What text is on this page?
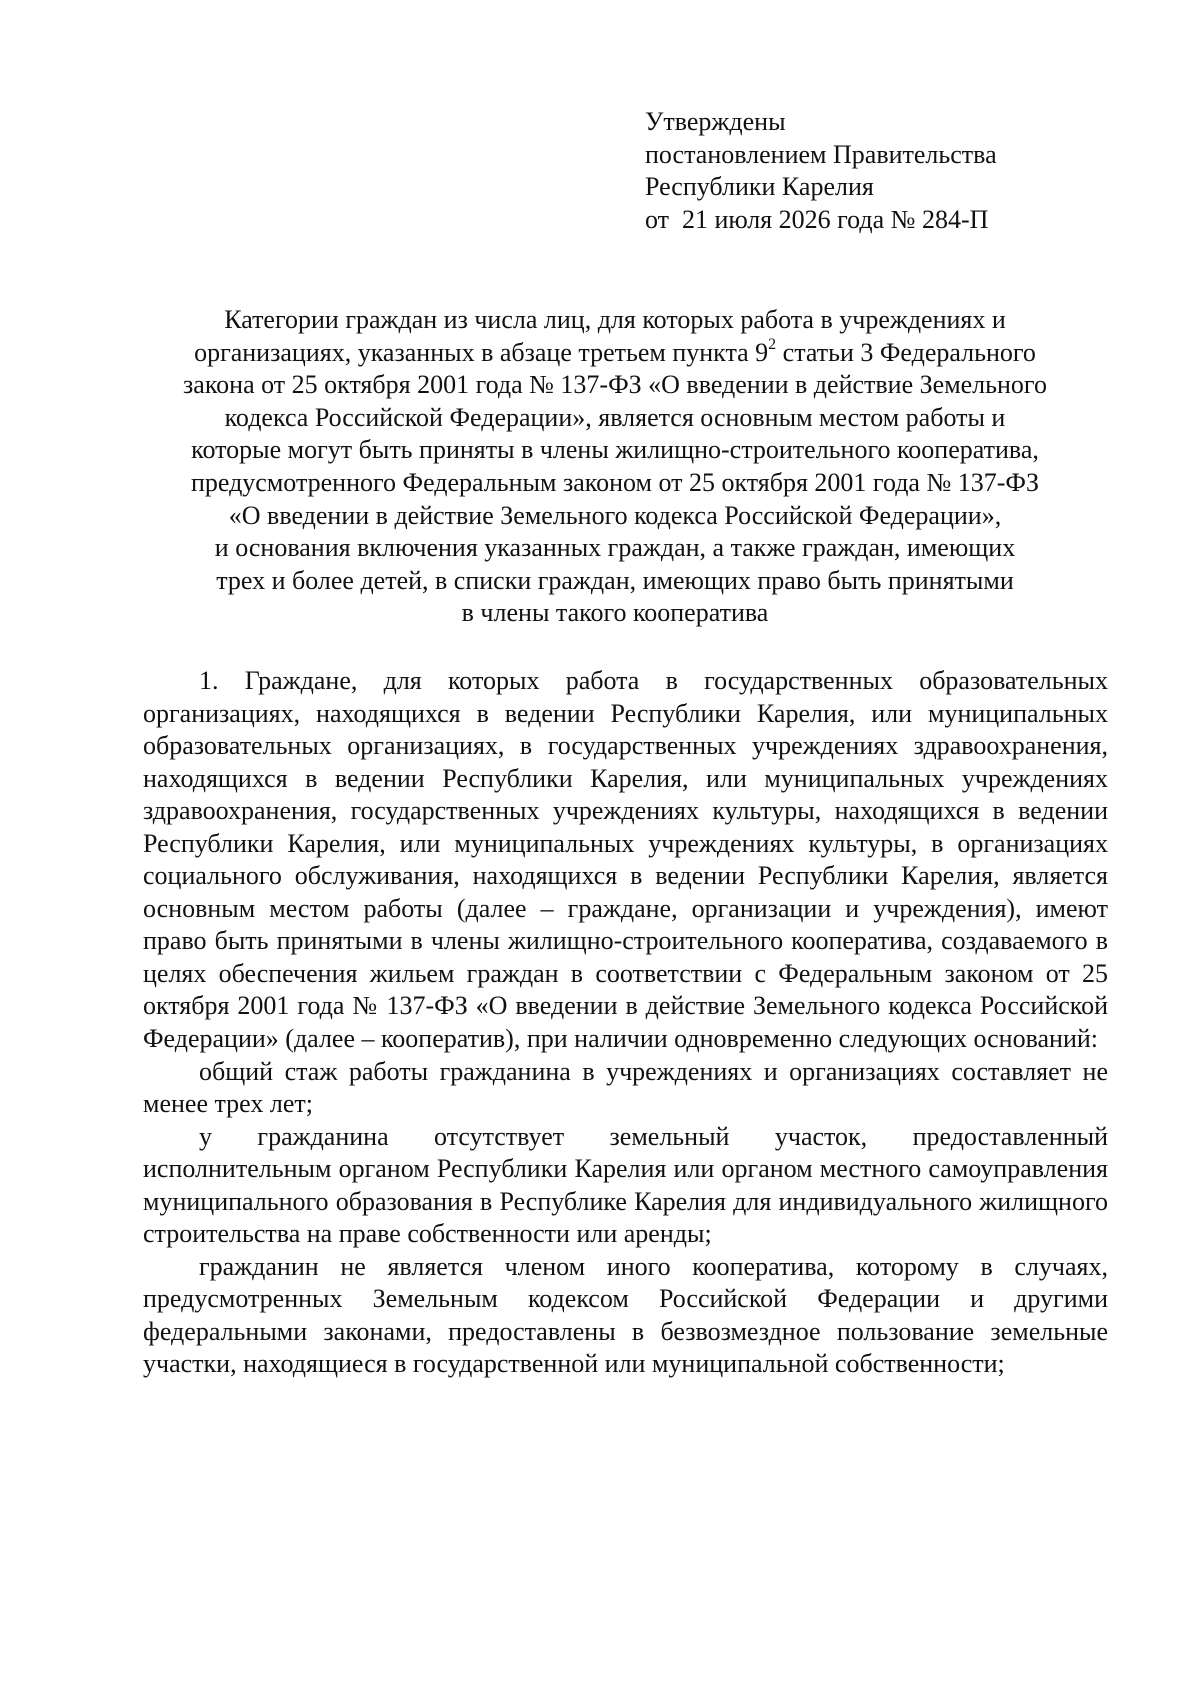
Утверждены
постановлением Правительства
Республики Карелия
от  21 июля 2026 года № 284-П
Категории граждан из числа лиц, для которых работа в учреждениях и
организациях, указанных в абзаце третьем пункта $9^2$ статьи 3 Федерального
закона от 25 октября 2001 года № 137-ФЗ «О введении в действие Земельного
кодекса Российской Федерации», является основным местом работы и
которые могут быть приняты в члены жилищно-строительного кооператива,
предусмотренного Федеральным законом от 25 октября 2001 года № 137-ФЗ
«О введении в действие Земельного кодекса Российской Федерации»,
и основания включения указанных граждан, а также граждан, имеющих
трех и более детей, в списки граждан, имеющих право быть принятыми
в члены такого кооператива

1. Граждане, для которых работа в государственных образовательных организациях, находящихся в ведении Республики Карелия, или муниципальных образовательных организациях, в государственных учреждениях здравоохранения, находящихся в ведении Республики Карелия, или муниципальных учреждениях здравоохранения, государственных учреждениях культуры, находящихся в ведении Республики Карелия, или муниципальных учреждениях культуры, в организациях социального обслуживания, находящихся в ведении Республики Карелия, является основным местом работы (далее – граждане, организации и учреждения), имеют право быть принятыми в члены жилищно-строительного кооператива, создаваемого в целях обеспечения жильем граждан в соответствии с Федеральным законом от 25 октября 2001 года № 137-ФЗ «О введении в действие Земельного кодекса Российской Федерации» (далее – кооператив), при наличии одновременно следующих оснований:

общий стаж работы гражданина в учреждениях и организациях составляет не менее трех лет;

у гражданина отсутствует земельный участок, предоставленный исполнительным органом Республики Карелия или органом местного самоуправления муниципального образования в Республике Карелия для индивидуального жилищного строительства на праве собственности или аренды;

гражданин не является членом иного кооператива, которому в случаях, предусмотренных Земельным кодексом Российской Федерации и другими федеральными законами, предоставлены в безвозмездное пользование земельные участки, находящиеся в государственной или муниципальной собственности;
